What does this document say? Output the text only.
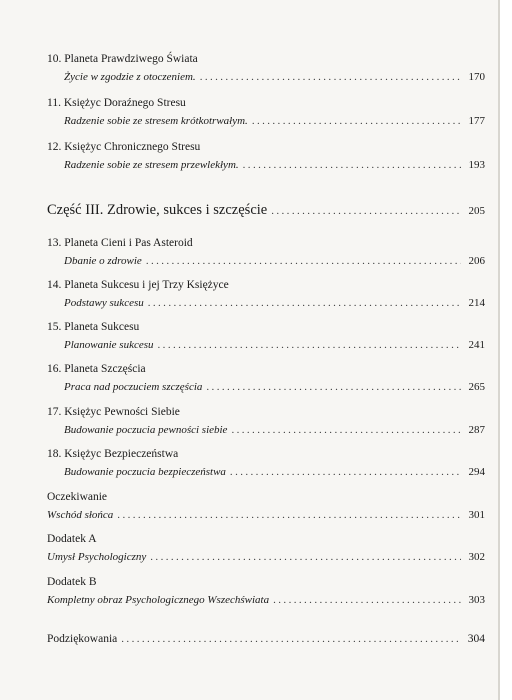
10. Planeta Prawdziwego Świata
Życie w zgodzie z otoczeniem. .....	170
11. Księżyc Doraźnego Stresu
Radzenie sobie ze stresem krótkotrwałym. .....	177
12. Księżyc Chronicznego Stresu
Radzenie sobie ze stresem przewlekłym. .....	193
Część III. Zdrowie, sukces i szczęście .....	205
13. Planeta Cieni i Pas Asteroid
Dbanie o zdrowie .....	206
14. Planeta Sukcesu i jej Trzy Księżyce
Podstawy sukcesu .....	214
15. Planeta Sukcesu
Planowanie sukcesu .....	241
16. Planeta Szczęścia
Praca nad poczuciem szczęścia .....	265
17. Księżyc Pewności Siebie
Budowanie poczucia pewności siebie .....	287
18. Księżyc Bezpieczeństwa
Budowanie poczucia bezpieczeństwa .....	294
Oczekiwanie
Wschód słońca .....	301
Dodatek A
Umysł Psychologiczny .....	302
Dodatek B
Kompletny obraz Psychologicznego Wszechświata .....	303
Podziękowania .....	304
